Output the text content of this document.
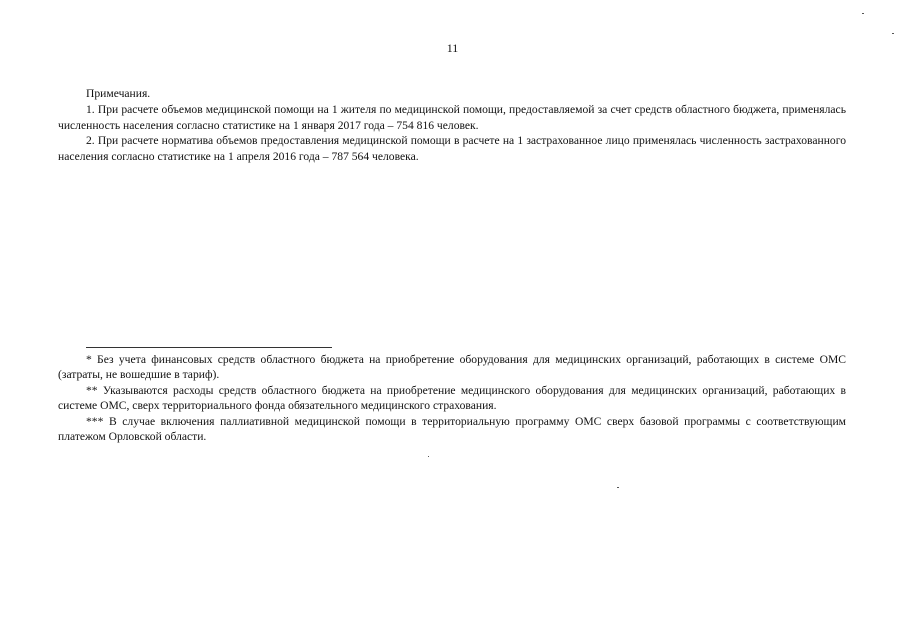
11

Примечания.

1. При расчете объемов медицинской помощи на 1 жителя по медицинской помощи, предоставляемой за счет средств областного бюджета, применялась численность населения согласно статистике на 1 января 2017 года – 754 816 человек.

2. При расчете норматива объемов предоставления медицинской помощи в расчете на 1 застрахованное лицо применялась численность застрахованного населения согласно статистике на 1 апреля 2016 года – 787 564 человека.

* Без учета финансовых средств областного бюджета на приобретение оборудования для медицинских организаций, работающих в системе ОМС (затраты, не вошедшие в тариф).

** Указываются расходы средств областного бюджета на приобретение медицинского оборудования для медицинских организаций, работающих в системе ОМС, сверх территориального фонда обязательного медицинского страхования.

*** В случае включения паллиативной медицинской помощи в территориальную программу ОМС сверх базовой программы с соответствующим платежом Орловской области.
